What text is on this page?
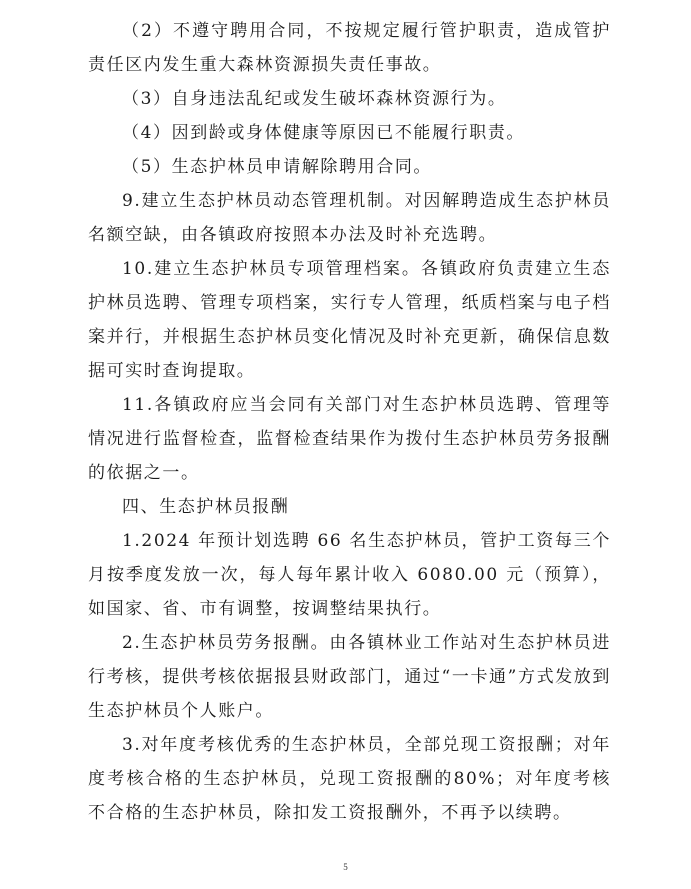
（2）不遵守聘用合同，不按规定履行管护职责，造成管护责任区内发生重大森林资源损失责任事故。

（3）自身违法乱纪或发生破坏森林资源行为。

（4）因到龄或身体健康等原因已不能履行职责。

（5）生态护林员申请解除聘用合同。

9.建立生态护林员动态管理机制。对因解聘造成生态护林员名额空缺，由各镇政府按照本办法及时补充选聘。

10.建立生态护林员专项管理档案。各镇政府负责建立生态护林员选聘、管理专项档案，实行专人管理，纸质档案与电子档案并行，并根据生态护林员变化情况及时补充更新，确保信息数据可实时查询提取。

11.各镇政府应当会同有关部门对生态护林员选聘、管理等情况进行监督检查，监督检查结果作为拨付生态护林员劳务报酬的依据之一。

四、生态护林员报酬

1.2024 年预计划选聘 66 名生态护林员，管护工资每三个月按季度发放一次，每人每年累计收入 6080.00 元（预算），如国家、省、市有调整，按调整结果执行。

2.生态护林员劳务报酬。由各镇林业工作站对生态护林员进行考核，提供考核依据报县财政部门，通过“一卡通”方式发放到生态护林员个人账户。

3.对年度考核优秀的生态护林员，全部兑现工资报酬；对年度考核合格的生态护林员，兑现工资报酬的80%；对年度考核不合格的生态护林员，除扣发工资报酬外，不再予以续聘。

5
